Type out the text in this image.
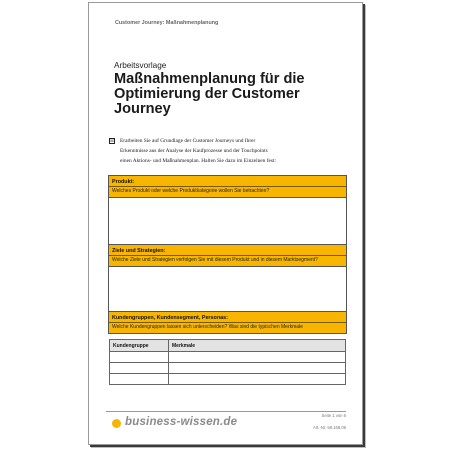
Customer Journey: Maßnahmenplanung
Arbeitsvorlage
Maßnahmenplanung für die Optimierung der Customer Journey
☒ Erarbeiten Sie auf Grundlage der Customer Journeys und Ihrer
Erkenntnisse aus der Analyse der Kaufprozesse und der Touchpoints
einen Aktions- und Maßnahmenplan. Halten Sie dazu im Einzelnen fest:
Produkt:
Welches Produkt oder welche Produktkategorie wollen Sie betrachten?
Ziele und Strategien:
Welche Ziele und Strategien verfolgen Sie mit diesem Produkt und in diesem Marktsegment?
Kundengruppen, Kundensegment, Personas:
Welche Kundengruppen lassen sich unterscheiden? Was sind die typischen Merkmale
Kundengruppe	Merkmale

business-wissen.de
Seite 1 von 6
Art.-Nr. 59.168.09
